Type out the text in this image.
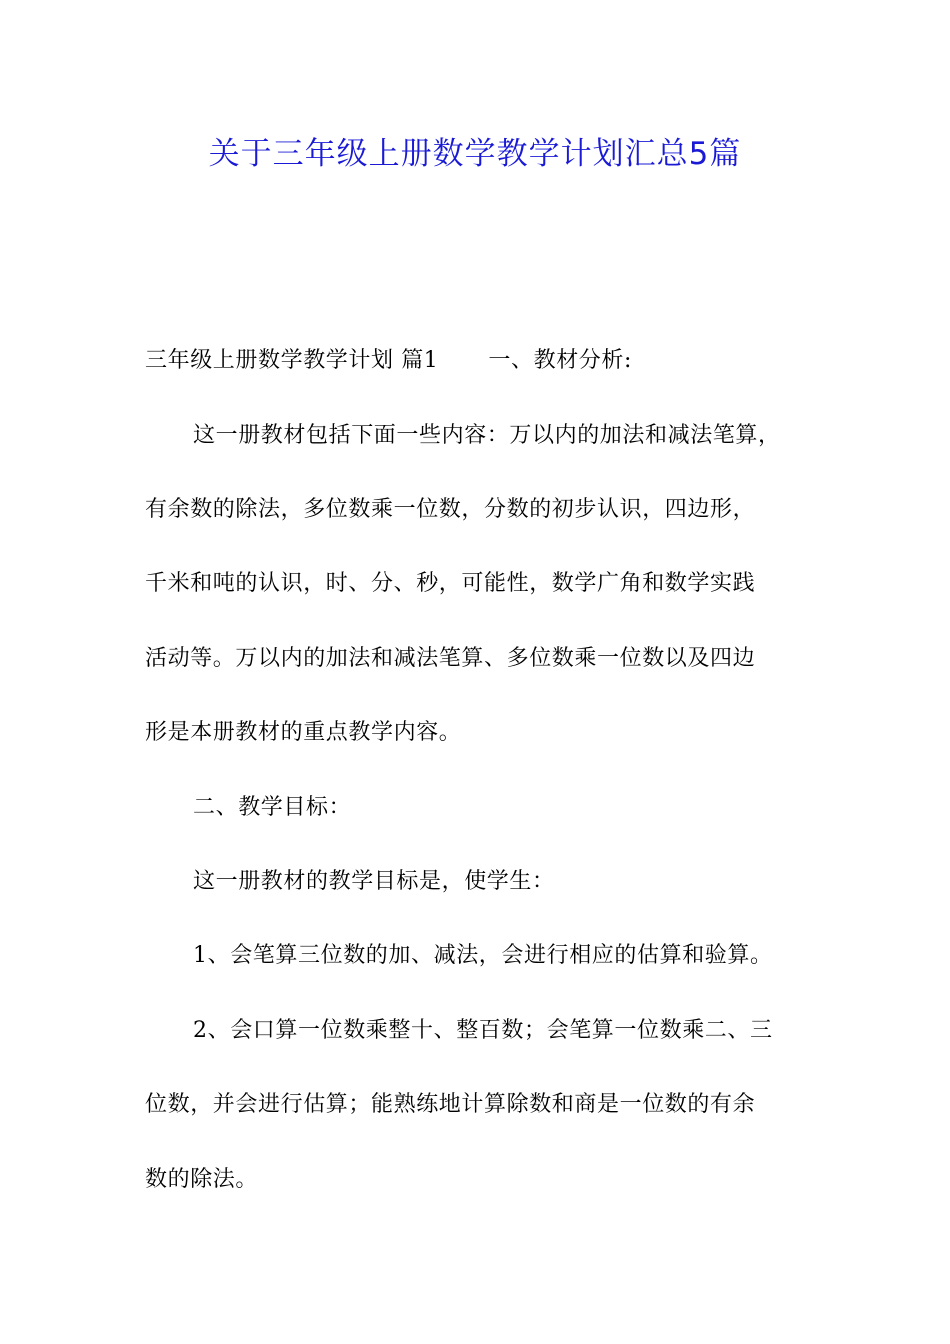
关于三年级上册数学教学计划汇总5篇
三年级上册数学教学计划 篇1 一、教材分析:
这一册教材包括下面一些内容：万以内的加法和减法笔算，
有余数的除法，多位数乘一位数，分数的初步认识，四边形，
千米和吨的认识，时、分、秒，可能性，数学广角和数学实践
活动等。万以内的加法和减法笔算、多位数乘一位数以及四边
形是本册教材的重点教学内容。
二、教学目标：
这一册教材的教学目标是，使学生：
1、会笔算三位数的加、减法，会进行相应的估算和验算。
2、会口算一位数乘整十、整百数；会笔算一位数乘二、三
位数，并会进行估算；能熟练地计算除数和商是一位数的有余
数的除法。
